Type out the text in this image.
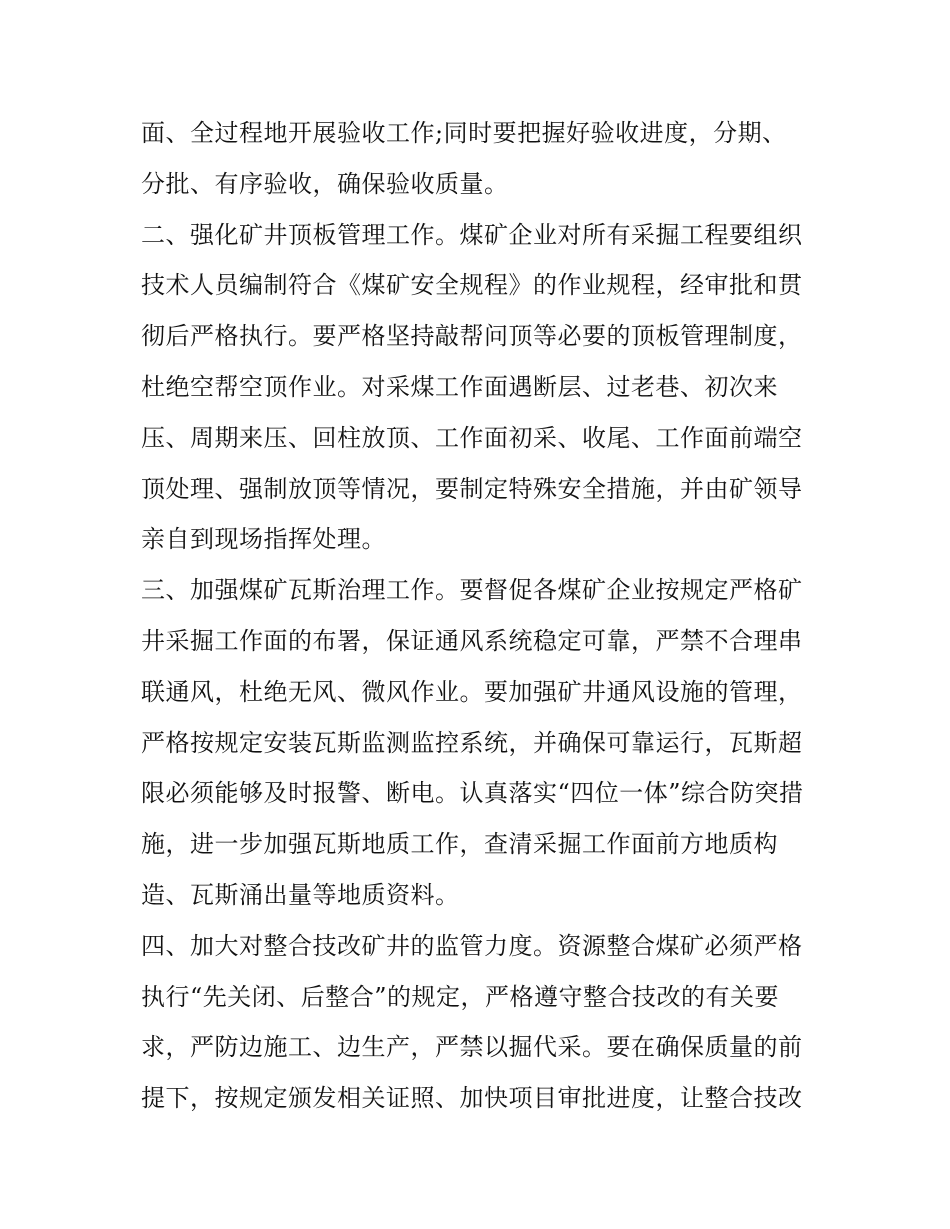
面、全过程地开展验收工作;同时要把握好验收进度，分期、
分批、有序验收，确保验收质量。
二、强化矿井顶板管理工作。煤矿企业对所有采掘工程要组织
技术人员编制符合《煤矿安全规程》的作业规程，经审批和贯
彻后严格执行。要严格坚持敲帮问顶等必要的顶板管理制度，
杜绝空帮空顶作业。对采煤工作面遇断层、过老巷、初次来
压、周期来压、回柱放顶、工作面初采、收尾、工作面前端空
顶处理、强制放顶等情况，要制定特殊安全措施，并由矿领导
亲自到现场指挥处理。
三、加强煤矿瓦斯治理工作。要督促各煤矿企业按规定严格矿
井采掘工作面的布署，保证通风系统稳定可靠，严禁不合理串
联通风，杜绝无风、微风作业。要加强矿井通风设施的管理，
严格按规定安装瓦斯监测监控系统，并确保可靠运行，瓦斯超
限必须能够及时报警、断电。认真落实“四位一体”综合防突措
施，进一步加强瓦斯地质工作，查清采掘工作面前方地质构
造、瓦斯涌出量等地质资料。
四、加大对整合技改矿井的监管力度。资源整合煤矿必须严格
执行“先关闭、后整合”的规定，严格遵守整合技改的有关要
求，严防边施工、边生产，严禁以掘代采。要在确保质量的前
提下，按规定颁发相关证照、加快项目审批进度，让整合技改
